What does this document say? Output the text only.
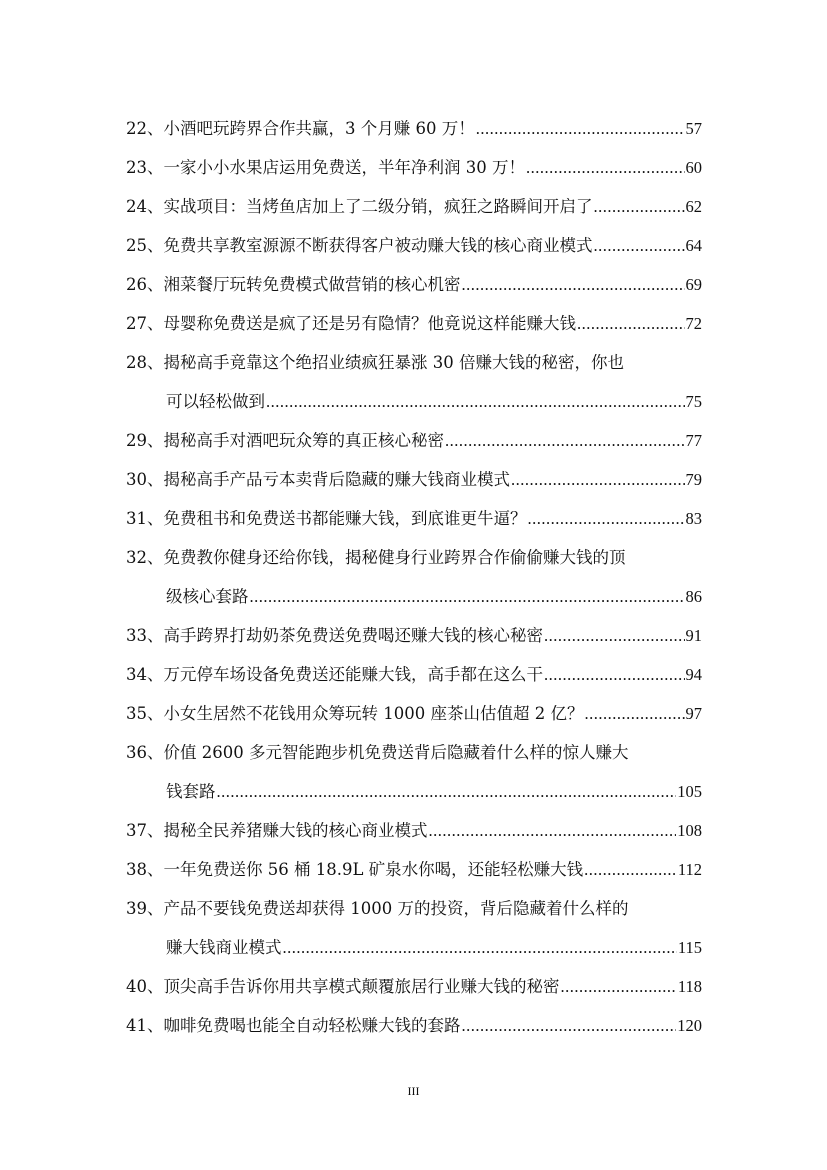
22、 小酒吧玩跨界合作共赢，3 个月赚 60 万！ .....	57
23、 一家小小水果店运用免费送，半年净利润 30 万！ .....	60
24、 实战项目：当烤鱼店加上了二级分销，疯狂之路瞬间开启了 .....	62
25、 免费共享教室源源不断获得客户被动赚大钱的核心商业模式 .....	64
26、 湘菜餐厅玩转免费模式做营销的核心机密 .....	69
27、 母婴称免费送是疯了还是另有隐情？他竟说这样能赚大钱 .....	72
28、揭秘高手竟靠这个绝招业绩疯狂暴涨 30 倍赚大钱的秘密，你也
可以轻松做到 .....	75
29、 揭秘高手对酒吧玩众筹的真正核心秘密 .....	77
30、 揭秘高手产品亏本卖背后隐藏的赚大钱商业模式 .....	79
31、 免费租书和免费送书都能赚大钱，到底谁更牛逼？ .....	83
32、免费教你健身还给你钱，揭秘健身行业跨界合作偷偷赚大钱的顶
级核心套路 .....	86
33、 高手跨界打劫奶茶免费送免费喝还赚大钱的核心秘密 .....	91
34、 万元停车场设备免费送还能赚大钱，高手都在这么干 .....	94
35、 小女生居然不花钱用众筹玩转 1000 座茶山估值超 2 亿？ .....	97
36、价值 2600 多元智能跑步机免费送背后隐藏着什么样的惊人赚大
钱套路 .....	105
37、 揭秘全民养猪赚大钱的核心商业模式 .....	108
38、 一年免费送你 56 桶 18.9L 矿泉水你喝，还能轻松赚大钱 .....	112
39、产品不要钱免费送却获得 1000 万的投资，背后隐藏着什么样的
赚大钱商业模式 .....	115
40、 顶尖高手告诉你用共享模式颠覆旅居行业赚大钱的秘密 .....	118
41、 咖啡免费喝也能全自动轻松赚大钱的套路 .....	120
III
